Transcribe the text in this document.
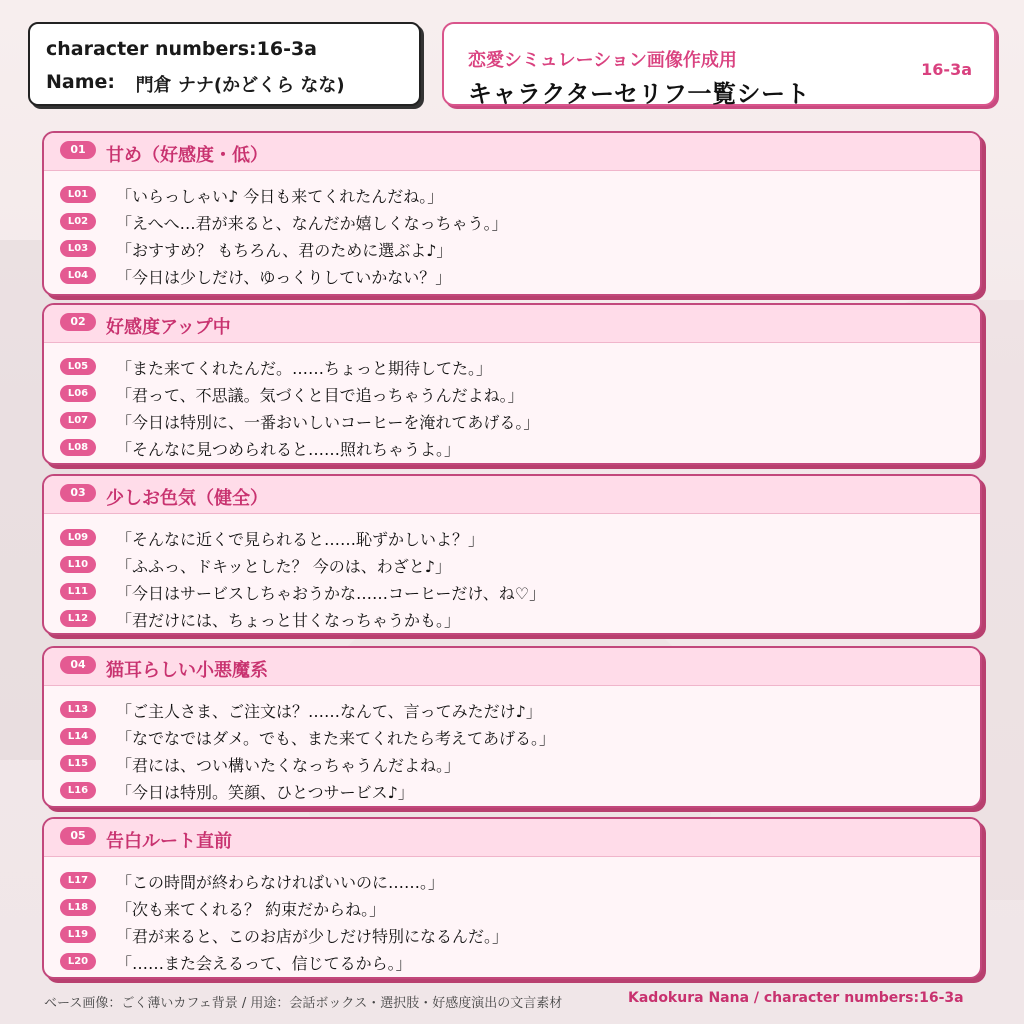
character numbers:16-3a
Name: 門倉 ナナ(かどくら なな)
恋愛シミュレーション画像作成用
キャラクターセリフ一覧シート
16-3a
01	甘め（好感度・低）
L01	「いらっしゃい♪ 今日も来てくれたんだね。」
L02	「えへへ…君が来ると、なんだか嬉しくなっちゃう。」
L03	「おすすめ？ もちろん、君のために選ぶよ♪」
L04	「今日は少しだけ、ゆっくりしていかない？」
02	好感度アップ中
L05	「また来てくれたんだ。……ちょっと期待してた。」
L06	「君って、不思議。気づくと目で追っちゃうんだよね。」
L07	「今日は特別に、一番おいしいコーヒーを淹れてあげる。」
L08	「そんなに見つめられると……照れちゃうよ。」
03	少しお色気（健全）
L09	「そんなに近くで見られると……恥ずかしいよ？」
L10	「ふふっ、ドキッとした？ 今のは、わざと♪」
L11	「今日はサービスしちゃおうかな……コーヒーだけ、ね♡」
L12	「君だけには、ちょっと甘くなっちゃうかも。」
04	猫耳らしい小悪魔系
L13	「ご主人さま、ご注文は？……なんて、言ってみただけ♪」
L14	「なでなではダメ。でも、また来てくれたら考えてあげる。」
L15	「君には、つい構いたくなっちゃうんだよね。」
L16	「今日は特別。笑顔、ひとつサービス♪」
05	告白ルート直前
L17	「この時間が終わらなければいいのに……。」
L18	「次も来てくれる？ 約束だからね。」
L19	「君が来ると、このお店が少しだけ特別になるんだ。」
L20	「……また会えるって、信じてるから。」
ベース画像：ごく薄いカフェ背景 / 用途：会話ボックス・選択肢・好感度演出の文言素材	Kadokura Nana / character numbers:16-3a
